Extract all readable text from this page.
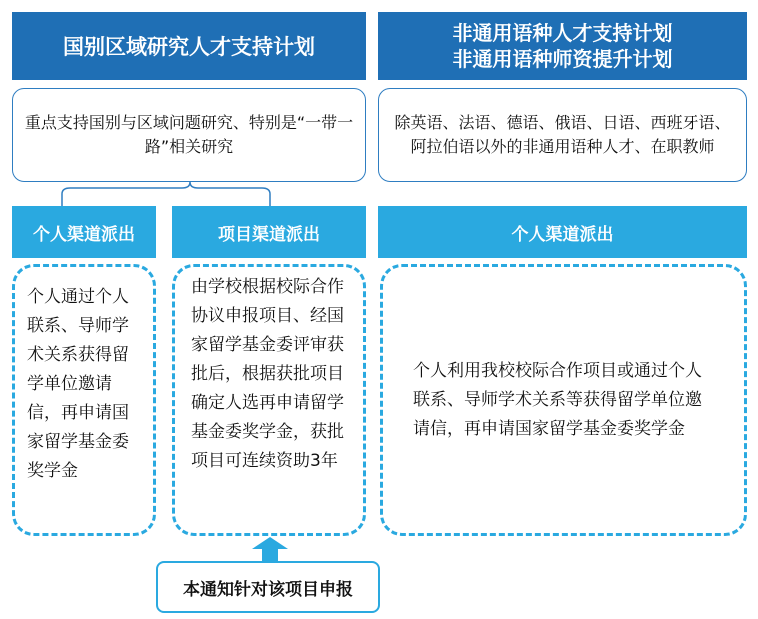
国别区域研究人才支持计划
重点支持国别与区域问题研究、特别是“一带一路”相关研究
个人渠道派出	项目渠道派出
个人通过个人联系、导师学术关系获得留学单位邀请信，再申请国家留学基金委奖学金
由学校根据校际合作协议申报项目、经国家留学基金委评审获批后，根据获批项目确定人选再申请留学基金委奖学金，获批项目可连续资助3年
本通知针对该项目申报
非通用语种人才支持计划
非通用语种师资提升计划
除英语、法语、德语、俄语、日语、西班牙语、阿拉伯语以外的非通用语种人才、在职教师
个人渠道派出
个人利用我校校际合作项目或通过个人联系、导师学术关系等获得留学单位邀请信，再申请国家留学基金委奖学金
